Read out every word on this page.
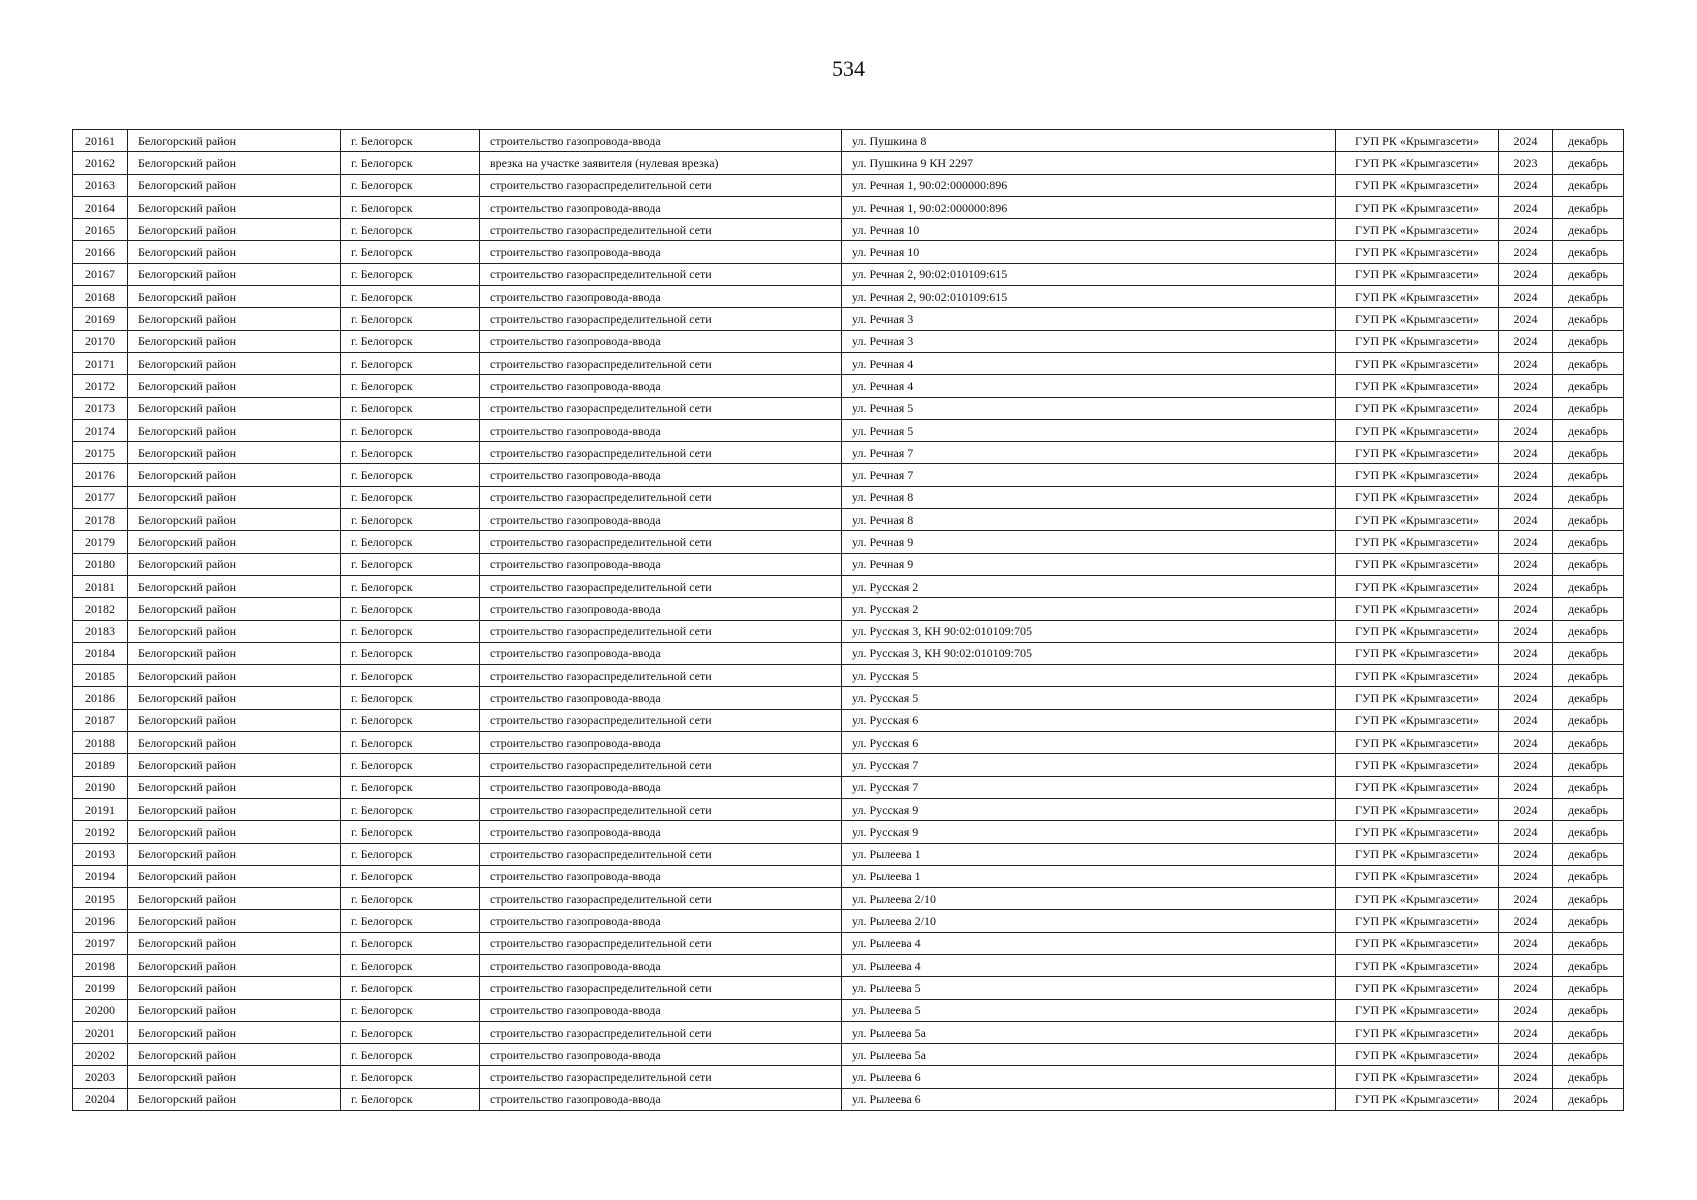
534
20161	Белогорский район	г. Белогорск	строительство газопровода-ввода	ул. Пушкина 8	ГУП РК «Крымгазсети»	2024	декабрь
20162	Белогорский район	г. Белогорск	врезка на участке заявителя (нулевая врезка)	ул. Пушкина 9 КН 2297	ГУП РК «Крымгазсети»	2023	декабрь
20163	Белогорский район	г. Белогорск	строительство газораспределительной сети	ул. Речная 1, 90:02:000000:896	ГУП РК «Крымгазсети»	2024	декабрь
20164	Белогорский район	г. Белогорск	строительство газопровода-ввода	ул. Речная 1, 90:02:000000:896	ГУП РК «Крымгазсети»	2024	декабрь
20165	Белогорский район	г. Белогорск	строительство газораспределительной сети	ул. Речная 10	ГУП РК «Крымгазсети»	2024	декабрь
20166	Белогорский район	г. Белогорск	строительство газопровода-ввода	ул. Речная 10	ГУП РК «Крымгазсети»	2024	декабрь
20167	Белогорский район	г. Белогорск	строительство газораспределительной сети	ул. Речная 2, 90:02:010109:615	ГУП РК «Крымгазсети»	2024	декабрь
20168	Белогорский район	г. Белогорск	строительство газопровода-ввода	ул. Речная 2, 90:02:010109:615	ГУП РК «Крымгазсети»	2024	декабрь
20169	Белогорский район	г. Белогорск	строительство газораспределительной сети	ул. Речная 3	ГУП РК «Крымгазсети»	2024	декабрь
20170	Белогорский район	г. Белогорск	строительство газопровода-ввода	ул. Речная 3	ГУП РК «Крымгазсети»	2024	декабрь
20171	Белогорский район	г. Белогорск	строительство газораспределительной сети	ул. Речная 4	ГУП РК «Крымгазсети»	2024	декабрь
20172	Белогорский район	г. Белогорск	строительство газопровода-ввода	ул. Речная 4	ГУП РК «Крымгазсети»	2024	декабрь
20173	Белогорский район	г. Белогорск	строительство газораспределительной сети	ул. Речная 5	ГУП РК «Крымгазсети»	2024	декабрь
20174	Белогорский район	г. Белогорск	строительство газопровода-ввода	ул. Речная 5	ГУП РК «Крымгазсети»	2024	декабрь
20175	Белогорский район	г. Белогорск	строительство газораспределительной сети	ул. Речная 7	ГУП РК «Крымгазсети»	2024	декабрь
20176	Белогорский район	г. Белогорск	строительство газопровода-ввода	ул. Речная 7	ГУП РК «Крымгазсети»	2024	декабрь
20177	Белогорский район	г. Белогорск	строительство газораспределительной сети	ул. Речная 8	ГУП РК «Крымгазсети»	2024	декабрь
20178	Белогорский район	г. Белогорск	строительство газопровода-ввода	ул. Речная 8	ГУП РК «Крымгазсети»	2024	декабрь
20179	Белогорский район	г. Белогорск	строительство газораспределительной сети	ул. Речная 9	ГУП РК «Крымгазсети»	2024	декабрь
20180	Белогорский район	г. Белогорск	строительство газопровода-ввода	ул. Речная 9	ГУП РК «Крымгазсети»	2024	декабрь
20181	Белогорский район	г. Белогорск	строительство газораспределительной сети	ул. Русская 2	ГУП РК «Крымгазсети»	2024	декабрь
20182	Белогорский район	г. Белогорск	строительство газопровода-ввода	ул. Русская 2	ГУП РК «Крымгазсети»	2024	декабрь
20183	Белогорский район	г. Белогорск	строительство газораспределительной сети	ул. Русская 3, КН 90:02:010109:705	ГУП РК «Крымгазсети»	2024	декабрь
20184	Белогорский район	г. Белогорск	строительство газопровода-ввода	ул. Русская 3, КН 90:02:010109:705	ГУП РК «Крымгазсети»	2024	декабрь
20185	Белогорский район	г. Белогорск	строительство газораспределительной сети	ул. Русская 5	ГУП РК «Крымгазсети»	2024	декабрь
20186	Белогорский район	г. Белогорск	строительство газопровода-ввода	ул. Русская 5	ГУП РК «Крымгазсети»	2024	декабрь
20187	Белогорский район	г. Белогорск	строительство газораспределительной сети	ул. Русская 6	ГУП РК «Крымгазсети»	2024	декабрь
20188	Белогорский район	г. Белогорск	строительство газопровода-ввода	ул. Русская 6	ГУП РК «Крымгазсети»	2024	декабрь
20189	Белогорский район	г. Белогорск	строительство газораспределительной сети	ул. Русская 7	ГУП РК «Крымгазсети»	2024	декабрь
20190	Белогорский район	г. Белогорск	строительство газопровода-ввода	ул. Русская 7	ГУП РК «Крымгазсети»	2024	декабрь
20191	Белогорский район	г. Белогорск	строительство газораспределительной сети	ул. Русская 9	ГУП РК «Крымгазсети»	2024	декабрь
20192	Белогорский район	г. Белогорск	строительство газопровода-ввода	ул. Русская 9	ГУП РК «Крымгазсети»	2024	декабрь
20193	Белогорский район	г. Белогорск	строительство газораспределительной сети	ул. Рылеева 1	ГУП РК «Крымгазсети»	2024	декабрь
20194	Белогорский район	г. Белогорск	строительство газопровода-ввода	ул. Рылеева 1	ГУП РК «Крымгазсети»	2024	декабрь
20195	Белогорский район	г. Белогорск	строительство газораспределительной сети	ул. Рылеева 2/10	ГУП РК «Крымгазсети»	2024	декабрь
20196	Белогорский район	г. Белогорск	строительство газопровода-ввода	ул. Рылеева 2/10	ГУП РК «Крымгазсети»	2024	декабрь
20197	Белогорский район	г. Белогорск	строительство газораспределительной сети	ул. Рылеева 4	ГУП РК «Крымгазсети»	2024	декабрь
20198	Белогорский район	г. Белогорск	строительство газопровода-ввода	ул. Рылеева 4	ГУП РК «Крымгазсети»	2024	декабрь
20199	Белогорский район	г. Белогорск	строительство газораспределительной сети	ул. Рылеева 5	ГУП РК «Крымгазсети»	2024	декабрь
20200	Белогорский район	г. Белогорск	строительство газопровода-ввода	ул. Рылеева 5	ГУП РК «Крымгазсети»	2024	декабрь
20201	Белогорский район	г. Белогорск	строительство газораспределительной сети	ул. Рылеева 5а	ГУП РК «Крымгазсети»	2024	декабрь
20202	Белогорский район	г. Белогорск	строительство газопровода-ввода	ул. Рылеева 5а	ГУП РК «Крымгазсети»	2024	декабрь
20203	Белогорский район	г. Белогорск	строительство газораспределительной сети	ул. Рылеева 6	ГУП РК «Крымгазсети»	2024	декабрь
20204	Белогорский район	г. Белогорск	строительство газопровода-ввода	ул. Рылеева 6	ГУП РК «Крымгазсети»	2024	декабрь
